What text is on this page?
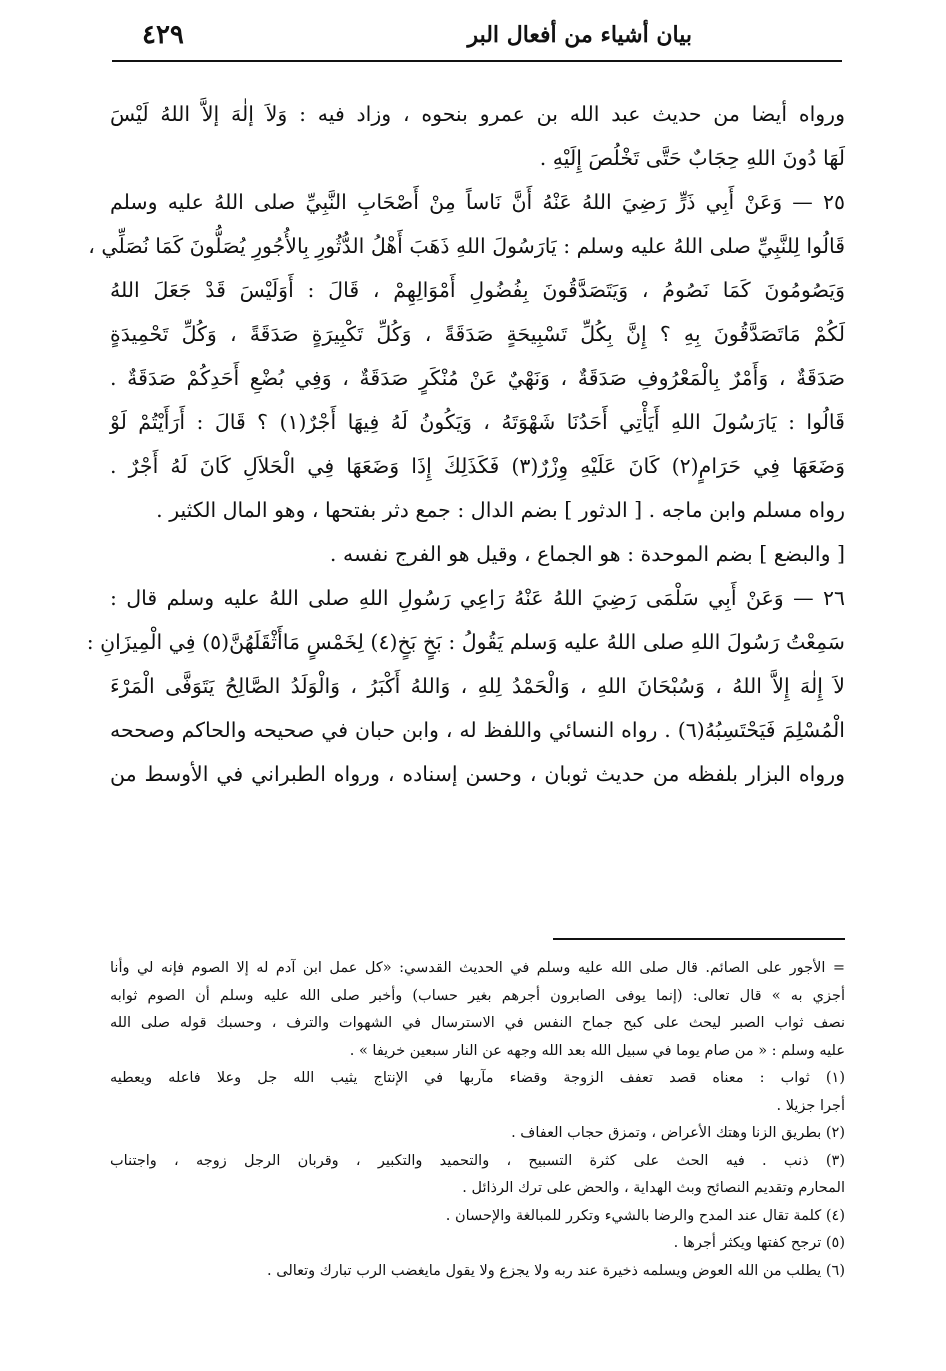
بيان أشياء من أفعال البر
٤٢٩
ورواه أيضا من حديث عبد الله بن عمرو بنحوه ، وزاد فيه : وَلاَ إلٰهَ إلاَّ اللهُ لَيْسَ
لَهَا دُونَ اللهِ حِجَابٌ حَتَّى تَخْلُصَ إِلَيْهِ .
٢٥ — وَعَنْ أَبِي ذَرٍّ رَضِيَ اللهُ عَنْهُ أَنَّ نَاساً مِنْ أَصْحَابِ النَّبِيِّ صلى اللهُ عليه وسلم
قَالُوا لِلنَّبِيِّ صلى اللهُ عليه وسلم : يَارَسُولَ اللهِ ذَهَبَ أَهْلُ الدُّثُورِ بِالأُجُورِ يُصَلُّونَ كَمَا نُصَلِّي ،
وَيَصُومُونَ كَمَا نَصُومُ ، وَيَتَصَدَّقُونَ بِفُضُولِ أَمْوَالِهِمْ ، قَالَ : أَوَلَيْسَ قَدْ جَعَلَ اللهُ
لَكُمْ مَاتَصَدَّقُونَ بِهِ ؟ إِنَّ بِكُلِّ تَسْبِيحَةٍ صَدَقَةً ، وَكُلِّ تَكْبِيرَةٍ صَدَقَةً ، وَكُلِّ تَحْمِيدَةٍ
صَدَقَةٌ ، وَأَمْرٌ بِالْمَعْرُوفِ صَدَقَةٌ ، وَنَهْيٌ عَنْ مُنْكَرٍ صَدَقَةٌ ، وَفِي بُضْعِ أَحَدِكُمْ صَدَقَةٌ .
قَالُوا : يَارَسُولَ اللهِ أَيَأْتِي أَحَدُنَا شَهْوَتَهُ ، وَيَكُونُ لَهُ فِيهَا أَجْرٌ(١) ؟ قَالَ : أَرَأَيْتُمْ لَوْ
وَضَعَهَا فِي حَرَامٍ(٢) كَانَ عَلَيْهِ وِزْرٌ(٣) فَكَذَلِكَ إِذَا وَضَعَهَا فِي الْحَلاَلِ كَانَ لَهُ أَجْرٌ .
رواه مسلم وابن ماجه . [ الدثور ] بضم الدال : جمع دثر بفتحها ، وهو المال الكثير .
[ والبضع ] بضم الموحدة : هو الجماع ، وقيل هو الفرج نفسه .
٢٦ — وَعَنْ أَبِي سَلْمَى رَضِيَ اللهُ عَنْهُ رَاعِي رَسُولِ اللهِ صلى اللهُ عليه وسلم قال :
سَمِعْتُ رَسُولَ اللهِ صلى اللهُ عليه وَسلم يَقُولُ : بَخٍ بَخٍ(٤) لِخَمْسٍ مَاأَثْقَلَهُنَّ(٥) فِي الْمِيزَانِ :
لاَ إِلٰهَ إِلاَّ اللهُ ، وَسُبْحَانَ اللهِ ، وَالْحَمْدُ لِلهِ ، وَاللهُ أَكْبَرُ ، وَالْوَلَدُ الصَّالِحُ يَتَوَفَّى الْمَرْءَ
الْمُسْلِمَ فَيَحْتَسِبُهُ(٦) . رواه النسائي واللفظ له ، وابن حبان في صحيحه والحاكم وصححه
ورواه البزار بلفظه من حديث ثوبان ، وحسن إسناده ، ورواه الطبراني في الأوسط من
= الأجور على الصائم. قال صلى الله عليه وسلم في الحديث القدسي: «كل عمل ابن آدم له إلا الصوم فإنه لي وأنا
أجزي به » قال تعالى: (إنما يوفى الصابرون أجرهم بغير حساب) وأخبر صلى الله عليه وسلم أن الصوم ثوابه
نصف ثواب الصبر ليحث على كبح جماح النفس في الاسترسال في الشهوات والترف ، وحسبك قوله صلى الله
عليه وسلم : « من صام يوما في سبيل الله بعد الله وجهه عن النار سبعين خريفا » .
(١) ثواب : معناه قصد تعفف الزوجة وقضاء مآربها في الإنتاج يثيب الله جل وعلا فاعله ويعطيه
أجرا جزيلا .
(٢) بطريق الزنا وهتك الأعراض ، وتمزق حجاب العفاف .
(٣) ذنب . فيه الحث على كثرة التسبيح ، والتحميد والتكبير ، وقربان الرجل زوجه ، واجتناب
المحارم وتقديم النصائح وبث الهداية ، والحض على ترك الرذائل .
(٤) كلمة تقال عند المدح والرضا بالشيء وتكرر للمبالغة والإحسان .
(٥) ترجح كفتها ويكثر أجرها .
(٦) يطلب من الله العوض ويسلمه ذخيرة عند ربه ولا يجزع ولا يقول مايغضب الرب تبارك وتعالى .
